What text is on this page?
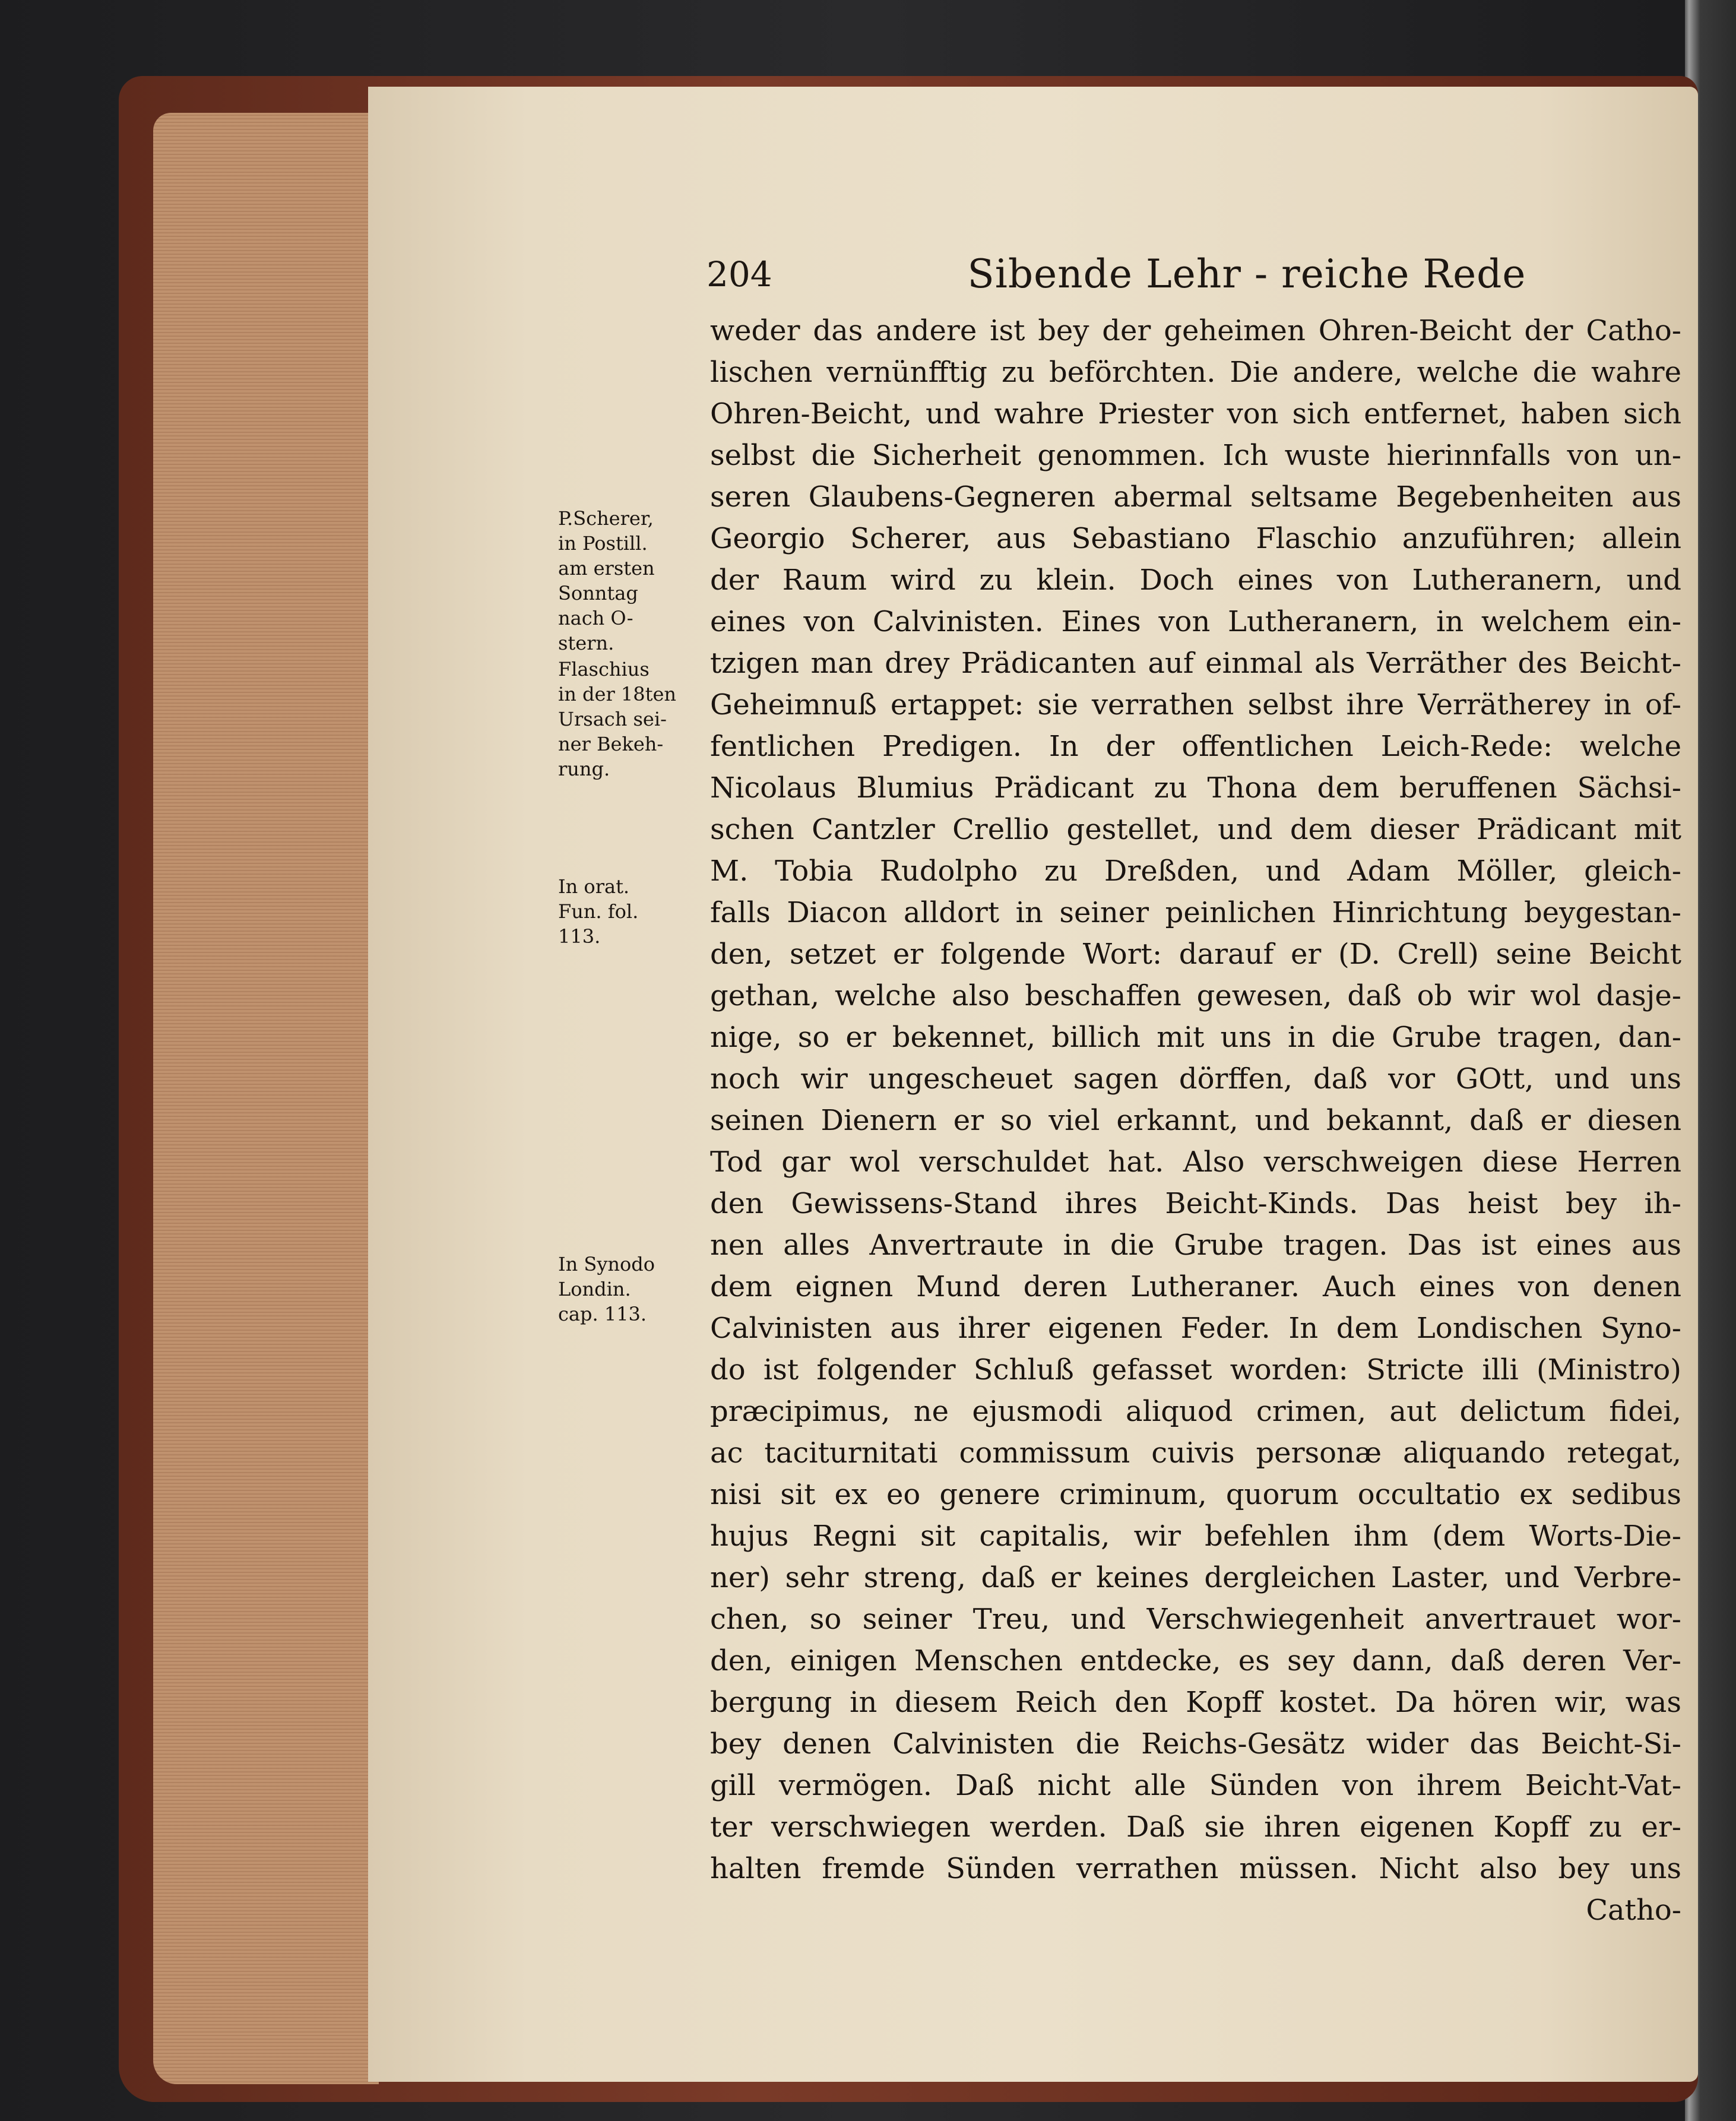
204	Sibende Lehr - reiche Rede
P.Scherer,
in Postill.
am ersten
Sonntag
nach O-
stern.
Flaschius
in der 18ten
Ursach sei-
ner Bekeh-
rung.
In orat.
Fun. fol.
113.
In Synodo
Londin.
cap. 113.
weder das andere ist bey der geheimen Ohren-Beicht der Catho-
lischen vernünfftig zu beförchten. Die andere, welche die wahre
Ohren-Beicht, und wahre Priester von sich entfernet, haben sich
selbst die Sicherheit genommen. Ich wuste hierinnfalls von un-
seren Glaubens-Gegneren abermal seltsame Begebenheiten aus
Georgio Scherer, aus Sebastiano Flaschio anzuführen; allein
der Raum wird zu klein. Doch eines von Lutheranern, und
eines von Calvinisten. Eines von Lutheranern, in welchem ein-
tzigen man drey Prädicanten auf einmal als Verräther des Beicht-
Geheimnuß ertappet: sie verrathen selbst ihre Verrätherey in of-
fentlichen Predigen. In der offentlichen Leich-Rede: welche
Nicolaus Blumius Prädicant zu Thona dem beruffenen Sächsi-
schen Cantzler Crellio gestellet, und dem dieser Prädicant mit
M. Tobia Rudolpho zu Dreßden, und Adam Möller, gleich-
falls Diacon alldort in seiner peinlichen Hinrichtung beygestan-
den, setzet er folgende Wort: darauf er (D. Crell) seine Beicht
gethan, welche also beschaffen gewesen, daß ob wir wol dasje-
nige, so er bekennet, billich mit uns in die Grube tragen, dan-
noch wir ungescheuet sagen dörffen, daß vor GOtt, und uns
seinen Dienern er so viel erkannt, und bekannt, daß er diesen
Tod gar wol verschuldet hat. Also verschweigen diese Herren
den Gewissens-Stand ihres Beicht-Kinds. Das heist bey ih-
nen alles Anvertraute in die Grube tragen. Das ist eines aus
dem eignen Mund deren Lutheraner. Auch eines von denen
Calvinisten aus ihrer eigenen Feder. In dem Londischen Syno-
do ist folgender Schluß gefasset worden: Stricte illi (Ministro)
præcipimus, ne ejusmodi aliquod crimen, aut delictum fidei,
ac taciturnitati commissum cuivis personæ aliquando retegat,
nisi sit ex eo genere criminum, quorum occultatio ex sedibus
hujus Regni sit capitalis, wir befehlen ihm (dem Worts-Die-
ner) sehr streng, daß er keines dergleichen Laster, und Verbre-
chen, so seiner Treu, und Verschwiegenheit anvertrauet wor-
den, einigen Menschen entdecke, es sey dann, daß deren Ver-
bergung in diesem Reich den Kopff kostet. Da hören wir, was
bey denen Calvinisten die Reichs-Gesätz wider das Beicht-Si-
gill vermögen. Daß nicht alle Sünden von ihrem Beicht-Vat-
ter verschwiegen werden. Daß sie ihren eigenen Kopff zu er-
halten fremde Sünden verrathen müssen. Nicht also bey uns
Catho-
